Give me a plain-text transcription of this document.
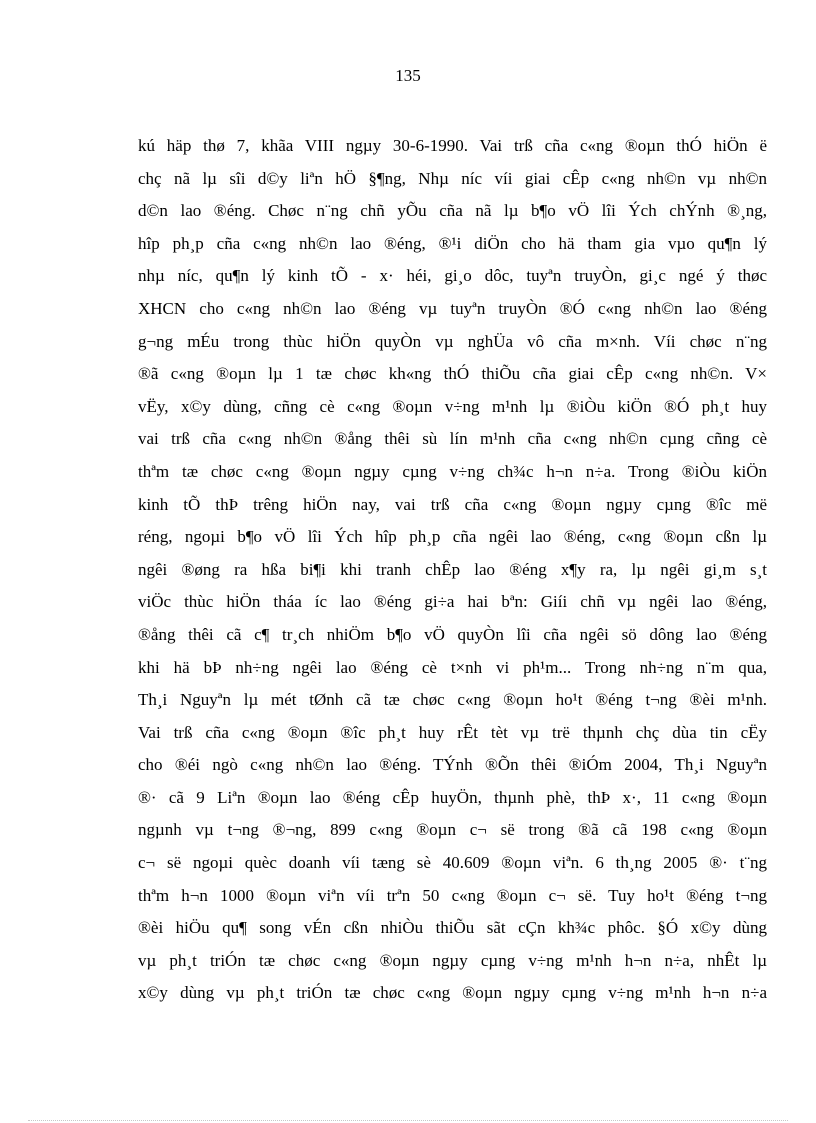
135
kú häp thø 7, khãa VIII ngµy 30-6-1990. Vai trß cña c«ng ®oµn thÓ hiÖn ë
chç nã lµ sîi d©y liªn hÖ §¶ng, Nhµ níc víi giai cÊp c«ng nh©n vµ nh©n
d©n lao ®éng. Chøc n¨ng chñ yÕu cña nã lµ b¶o vÖ lîi Ých chÝnh ®¸ng,
hîp ph¸p cña c«ng nh©n lao ®éng, ®¹i diÖn cho hä tham gia vµo qu¶n lý
nhµ níc, qu¶n lý kinh tÕ - x· héi, gi¸o dôc, tuyªn truyÒn, gi¸c ngé ý thøc
XHCN cho c«ng nh©n lao ®éng vµ tuyªn truyÒn ®Ó c«ng nh©n lao ®éng
g¬ng mÉu trong thùc hiÖn quyÒn vµ nghÜa vô cña m×nh. Víi chøc n¨ng
®ã c«ng ®oµn lµ 1 tæ chøc kh«ng thÓ thiÕu cña giai cÊp c«ng nh©n. V×
vËy, x©y dùng, cñng cè c«ng ®oµn v÷ng m¹nh lµ ®iÒu kiÖn ®Ó ph¸t huy
vai trß cña c«ng nh©n ®ång thêi sù lín m¹nh cña c«ng nh©n cµng cñng cè
thªm tæ chøc c«ng ®oµn ngµy cµng v÷ng ch¾c h¬n n÷a. Trong ®iÒu kiÖn
kinh tÕ thÞ trêng hiÖn nay, vai trß cña c«ng ®oµn ngµy cµng ®îc më
réng, ngoµi b¶o vÖ lîi Ých hîp ph¸p cña ngêi lao ®éng, c«ng ®oµn cßn lµ
ngêi ®øng ra hßa bi¶i khi tranh chÊp lao ®éng x¶y ra, lµ ngêi gi¸m s¸t
viÖc thùc hiÖn tháa íc lao ®éng gi÷a hai bªn: Giíi chñ vµ ngêi lao ®éng,
®ång thêi cã c¶ tr¸ch nhiÖm b¶o vÖ quyÒn lîi cña ngêi sö dông lao ®éng
khi hä bÞ nh÷ng ngêi lao ®éng cè t×nh vi ph¹m... Trong nh÷ng n¨m qua,
Th¸i Nguyªn lµ mét tØnh cã tæ chøc c«ng ®oµn ho¹t ®éng t¬ng ®èi m¹nh.
Vai trß cña c«ng ®oµn ®îc ph¸t huy rÊt tèt vµ trë thµnh chç dùa tin cËy
cho ®éi ngò c«ng nh©n lao ®éng. TÝnh ®Õn thêi ®iÓm 2004, Th¸i Nguyªn
®· cã 9 Liªn ®oµn lao ®éng cÊp huyÖn, thµnh phè, thÞ x·, 11 c«ng ®oµn
ngµnh vµ t¬ng ®¬ng, 899 c«ng ®oµn c¬ së trong ®ã cã 198 c«ng ®oµn
c¬ së ngoµi quèc doanh víi tæng sè 40.609 ®oµn viªn. 6 th¸ng 2005 ®· t¨ng
thªm h¬n 1000 ®oµn viªn víi trªn 50 c«ng ®oµn c¬ së. Tuy ho¹t ®éng t¬ng
®èi hiÖu qu¶ song vÉn cßn nhiÒu thiÕu sãt cÇn kh¾c phôc. §Ó x©y dùng
vµ ph¸t triÓn tæ chøc c«ng ®oµn ngµy cµng v÷ng m¹nh h¬n n÷a, nhÊt lµ
x©y dùng vµ ph¸t triÓn tæ chøc c«ng ®oµn ngµy cµng v÷ng m¹nh h¬n n÷a
